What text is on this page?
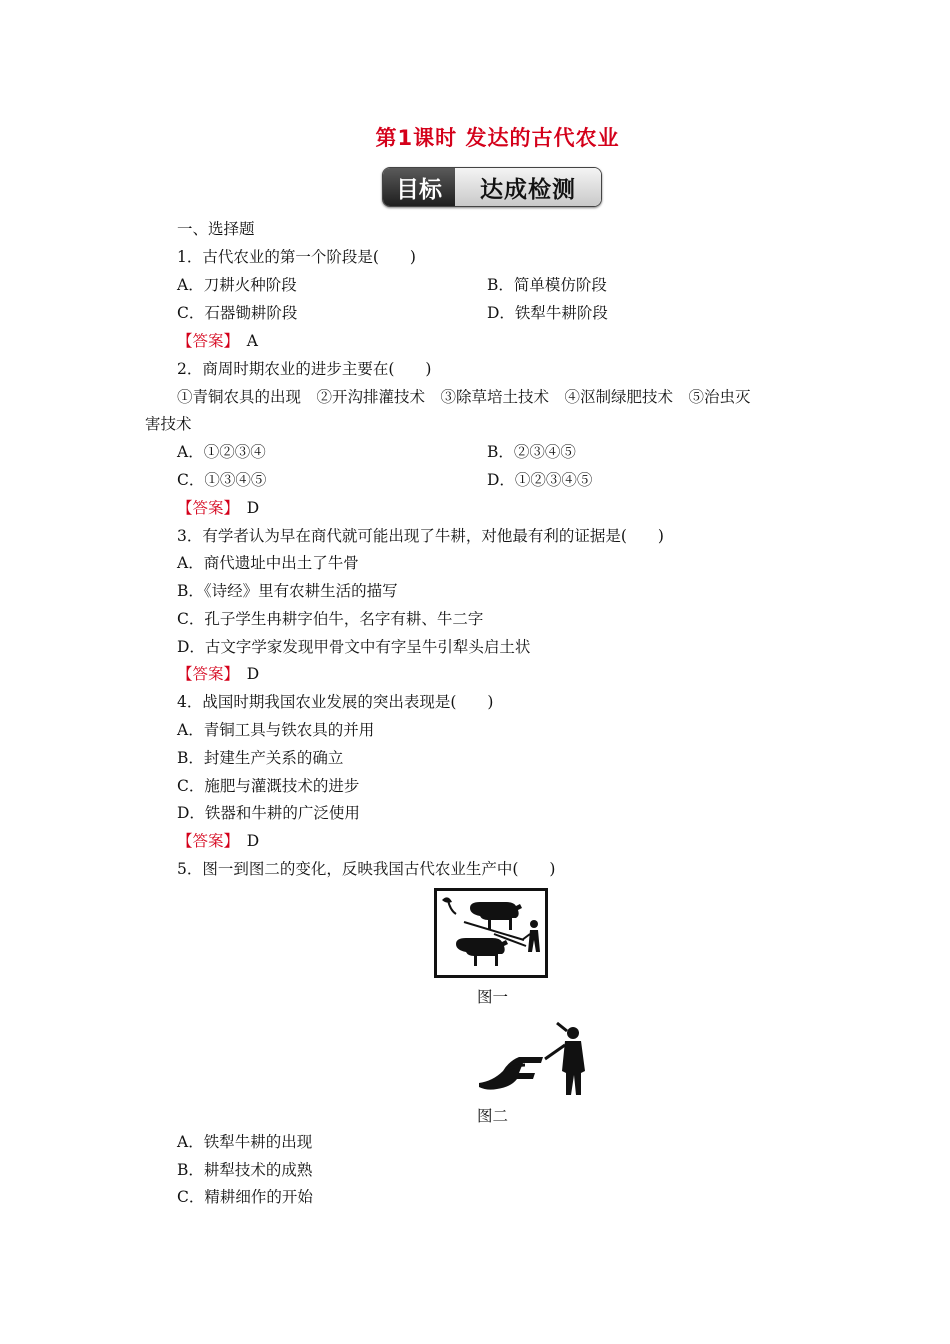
第1课时 发达的古代农业
目标	达成检测
一、选择题
1．古代农业的第一个阶段是(　　)
A．刀耕火种阶段	B．简单模仿阶段
C．石器锄耕阶段	D．铁犁牛耕阶段
【答案】　 A
2．商周时期农业的进步主要在(　　)
①青铜农具的出现　②开沟排灌技术　③除草培土技术　④沤制绿肥技术　⑤治虫灭
害技术
A．①②③④	B．②③④⑤
C．①③④⑤	D．①②③④⑤
【答案】　 D
3．有学者认为早在商代就可能出现了牛耕，对他最有利的证据是(　　)
A．商代遗址中出土了牛骨
B．《诗经》里有农耕生活的描写
C．孔子学生冉耕字伯牛，名字有耕、牛二字
D．古文字学家发现甲骨文中有字呈牛引犁头启土状
【答案】　 D
4．战国时期我国农业发展的突出表现是(　　)
A．青铜工具与铁农具的并用
B．封建生产关系的确立
C．施肥与灌溉技术的进步
D．铁器和牛耕的广泛使用
【答案】　 D
5．图一到图二的变化，反映我国古代农业生产中(　　)
图一
图二
A．铁犁牛耕的出现
B．耕犁技术的成熟
C．精耕细作的开始
